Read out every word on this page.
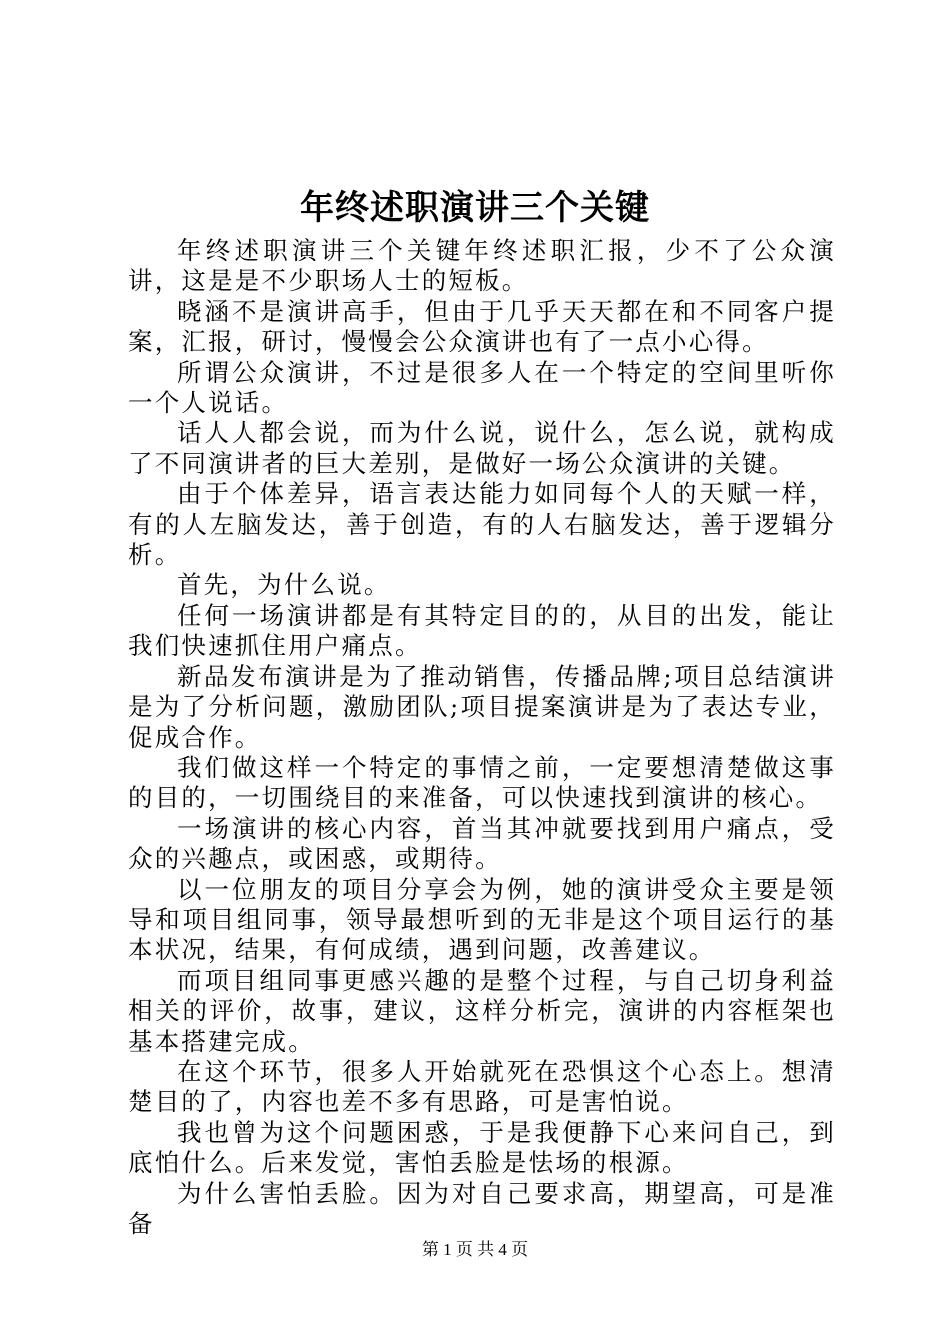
年终述职演讲三个关键

年终述职演讲三个关键年终述职汇报，少不了公众演讲，这是是不少职场人士的短板。

晓涵不是演讲高手，但由于几乎天天都在和不同客户提案，汇报，研讨，慢慢会公众演讲也有了一点小心得。

所谓公众演讲，不过是很多人在一个特定的空间里听你一个人说话。

话人人都会说，而为什么说，说什么，怎么说，就构成了不同演讲者的巨大差别，是做好一场公众演讲的关键。

由于个体差异，语言表达能力如同每个人的天赋一样，有的人左脑发达，善于创造，有的人右脑发达，善于逻辑分析。

首先，为什么说。

任何一场演讲都是有其特定目的的，从目的出发，能让我们快速抓住用户痛点。

新品发布演讲是为了推动销售，传播品牌;项目总结演讲是为了分析问题，激励团队;项目提案演讲是为了表达专业，促成合作。

我们做这样一个特定的事情之前，一定要想清楚做这事的目的，一切围绕目的来准备，可以快速找到演讲的核心。

一场演讲的核心内容，首当其冲就要找到用户痛点，受众的兴趣点，或困惑，或期待。

以一位朋友的项目分享会为例，她的演讲受众主要是领导和项目组同事，领导最想听到的无非是这个项目运行的基本状况，结果，有何成绩，遇到问题，改善建议。

而项目组同事更感兴趣的是整个过程，与自己切身利益相关的评价，故事，建议，这样分析完，演讲的内容框架也基本搭建完成。

在这个环节，很多人开始就死在恐惧这个心态上。想清楚目的了，内容也差不多有思路，可是害怕说。

我也曾为这个问题困惑，于是我便静下心来问自己，到底怕什么。后来发觉，害怕丢脸是怯场的根源。

为什么害怕丢脸。因为对自己要求高，期望高，可是准备

第 1 页 共 4 页
